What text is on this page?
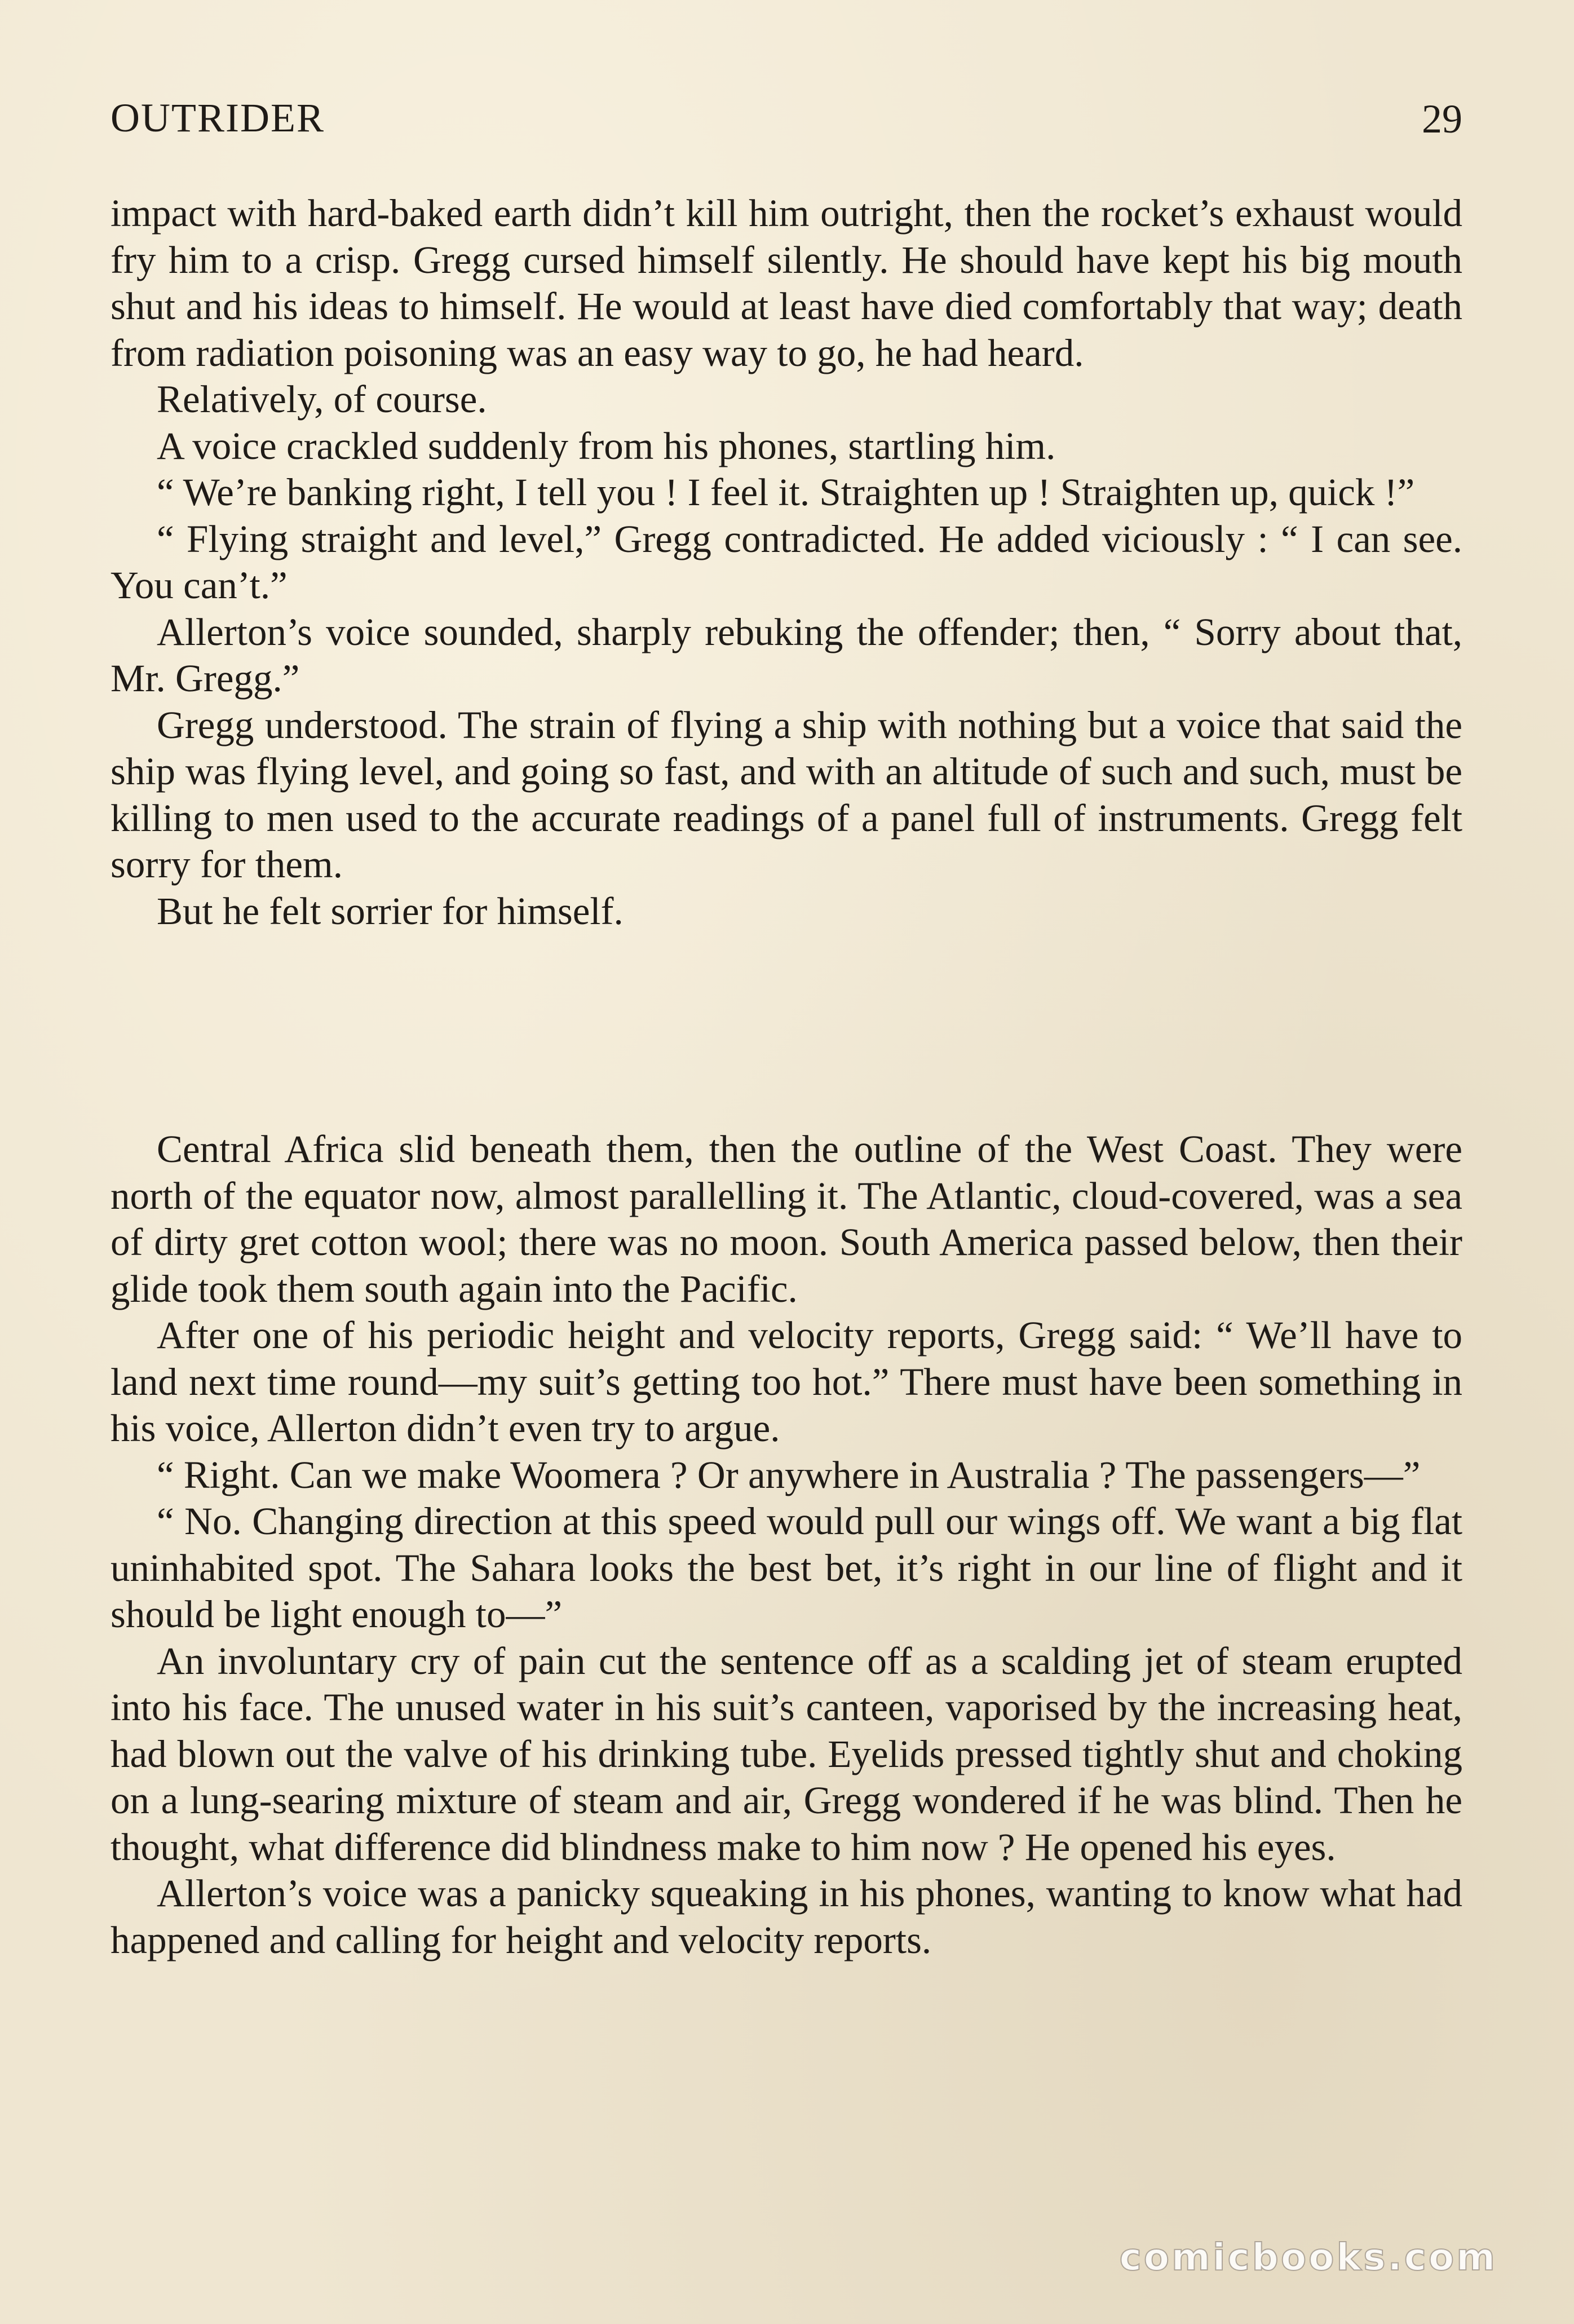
OUTRIDER	29

impact with hard-baked earth didn’t kill him outright, then the rocket’s exhaust would fry him to a crisp. Gregg cursed himself silently. He should have kept his big mouth shut and his ideas to himself. He would at least have died comfortably that way; death from radiation poisoning was an easy way to go, he had heard.

Relatively, of course.

A voice crackled suddenly from his phones, startling him.

“ We’re banking right, I tell you ! I feel it. Straighten up ! Straighten up, quick !”

“ Flying straight and level,” Gregg contradicted. He added viciously : “ I can see. You can’t.”

Allerton’s voice sounded, sharply rebuking the offender; then, “ Sorry about that, Mr. Gregg.”

Gregg understood. The strain of flying a ship with nothing but a voice that said the ship was flying level, and going so fast, and with an altitude of such and such, must be killing to men used to the accurate readings of a panel full of instruments. Gregg felt sorry for them.

But he felt sorrier for himself.

Central Africa slid beneath them, then the outline of the West Coast. They were north of the equator now, almost parallelling it. The Atlantic, cloud-covered, was a sea of dirty gret cotton wool; there was no moon. South America passed below, then their glide took them south again into the Pacific.

After one of his periodic height and velocity reports, Gregg said: “ We’ll have to land next time round—my suit’s getting too hot.” There must have been something in his voice, Allerton didn’t even try to argue.

“ Right. Can we make Woomera ? Or anywhere in Australia ? The passengers—”

“ No. Changing direction at this speed would pull our wings off. We want a big flat uninhabited spot. The Sahara looks the best bet, it’s right in our line of flight and it should be light enough to—”

An involuntary cry of pain cut the sentence off as a scalding jet of steam erupted into his face. The unused water in his suit’s canteen, vaporised by the increasing heat, had blown out the valve of his drinking tube. Eyelids pressed tightly shut and choking on a lung-searing mixture of steam and air, Gregg wondered if he was blind. Then he thought, what difference did blindness make to him now ? He opened his eyes.

Allerton’s voice was a panicky squeaking in his phones, wanting to know what had happened and calling for height and velocity reports.

comicbooks.com
